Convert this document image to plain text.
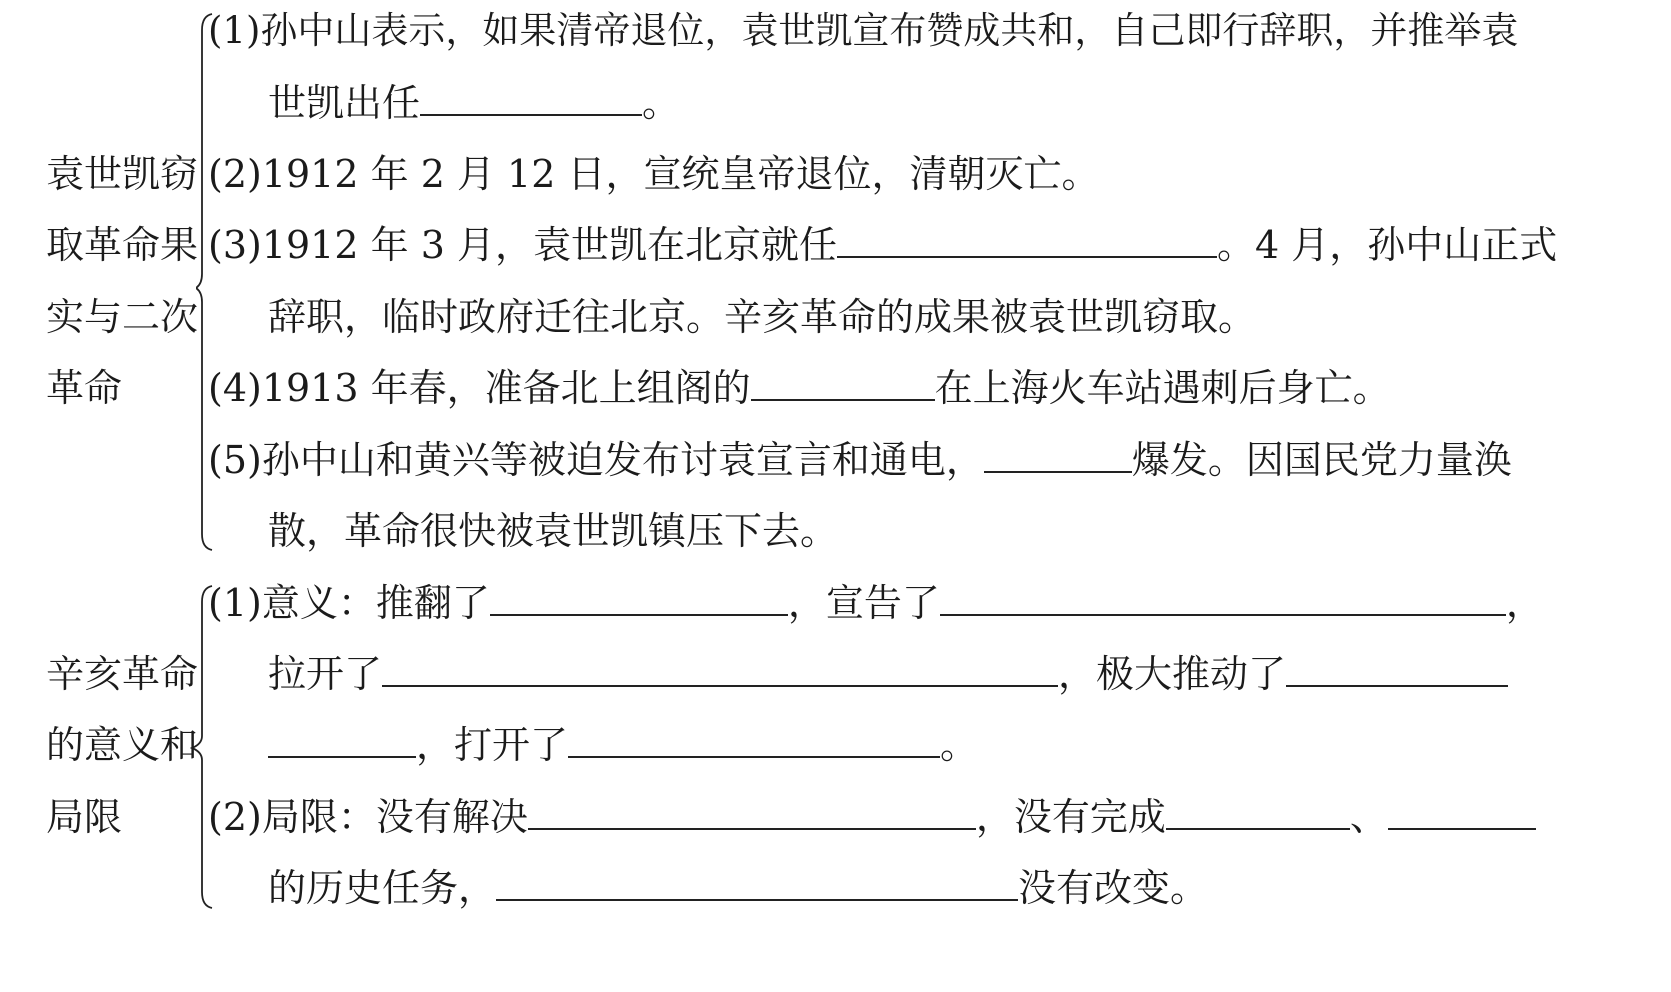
袁世凯窃
取革命果
实与二次
革命
(1)孙中山表示，如果清帝退位，袁世凯宣布赞成共和，自己即行辞职，并推举袁
世凯出任	。
(2)1912 年 2 月 12 日，宣统皇帝退位，清朝灭亡。
(3)1912 年 3 月，袁世凯在北京就任	。4 月，孙中山正式
辞职，临时政府迁往北京。辛亥革命的成果被袁世凯窃取。
(4)1913 年春，准备北上组阁的	在上海火车站遇刺后身亡。
(5)孙中山和黄兴等被迫发布讨袁宣言和通电，	爆发。因国民党力量涣
散，革命很快被袁世凯镇压下去。
辛亥革命
的意义和
局限
(1)意义：推翻了	，宣告了	，
拉开了	，极大推动了
，打开了	。
(2)局限：没有解决	，没有完成	、
的历史任务，	没有改变。
